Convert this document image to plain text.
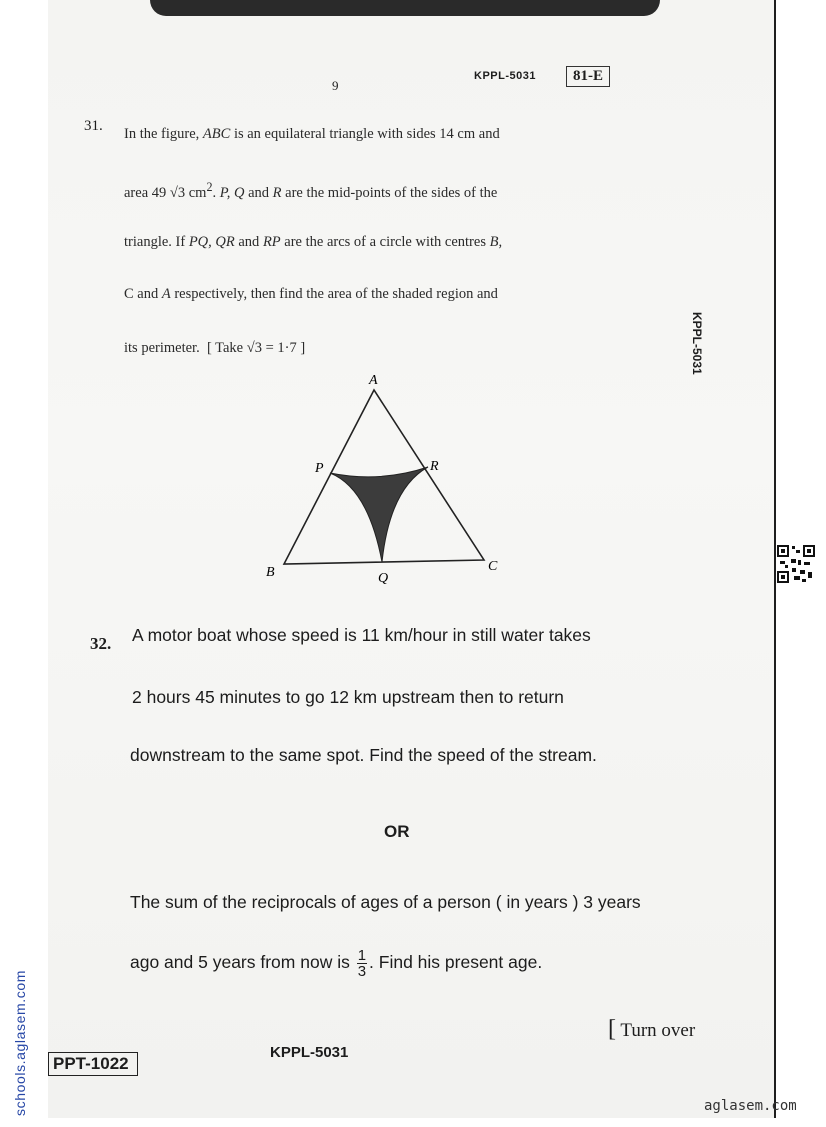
9
KPPL-5031	81-E
31. In the figure, ABC is an equilateral triangle with sides 14 cm and
area 49 √3 $cm^2$. P, Q and R are the mid-points of the sides of the
triangle. If PQ, QR and RP are the arcs of a circle with centres B,
C and A respectively, then find the area of the shaded region and
its perimeter. [ Take √3 = 1·7 ]
A
B	C
P
Q
R
KPPL-5031
32. A motor boat whose speed is 11 km/hour in still water takes
2 hours 45 minutes to go 12 km upstream then to return
downstream to the same spot. Find the speed of the stream.
OR
The sum of the reciprocals of ages of a person ( in years ) 3 years
ago and 5 years from now is $\frac{1}{3}$ . Find his present age.
[ Turn over
KPPL-5031
PPT-1022
schools.aglasem.com	aglasem.com
